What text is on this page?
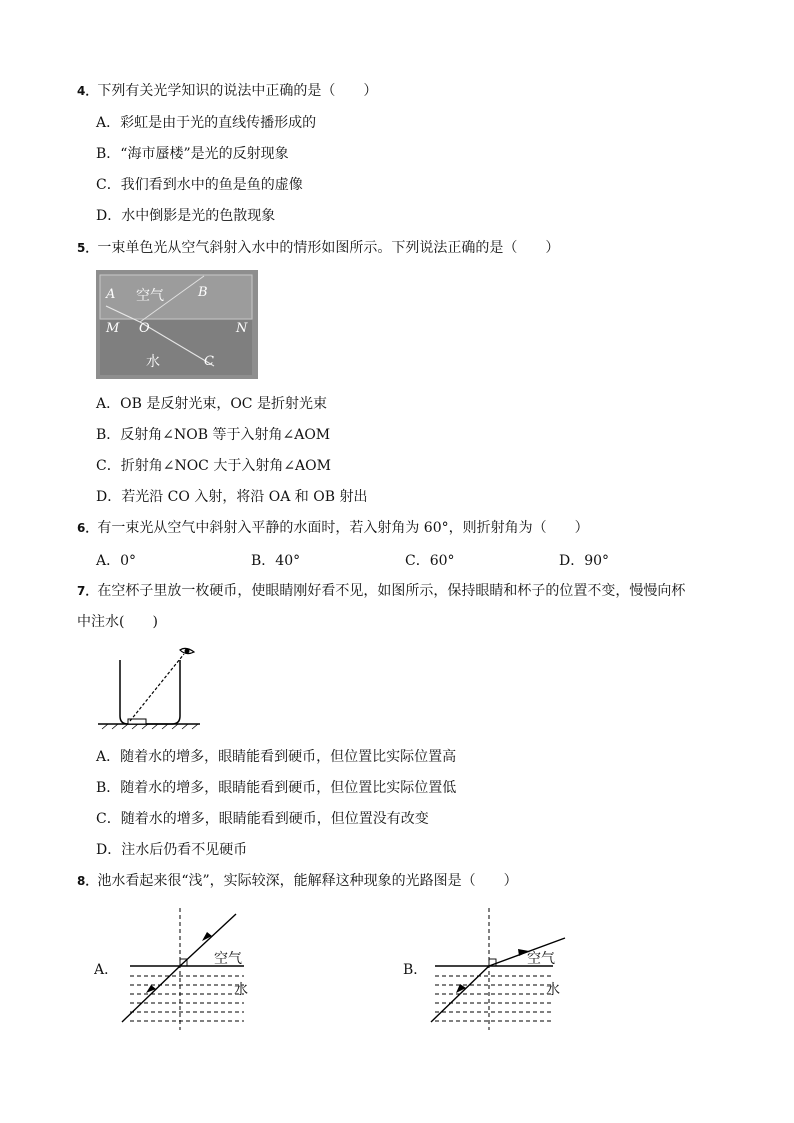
4．下列有关光学知识的说法中正确的是（　　）
A．彩虹是由于光的直线传播形成的
B．“海市蜃楼”是光的反射现象
C．我们看到水中的鱼是鱼的虚像
D．水中倒影是光的色散现象
5．一束单色光从空气斜射入水中的情形如图所示。下列说法正确的是（　　）
A 空气	B
M O	N
水	C
A．OB 是反射光束，OC 是折射光束
B．反射角∠NOB 等于入射角∠AOM
C．折射角∠NOC 大于入射角∠AOM
D．若光沿 CO 入射，将沿 OA 和 OB 射出
6．有一束光从空气中斜射入平静的水面时，若入射角为 60°，则折射角为（　　）
A．0°	B．40°	C．60°	D．90°
7．在空杯子里放一枚硬币，使眼睛刚好看不见，如图所示，保持眼睛和杯子的位置不变，慢慢向杯
中注水(　　)
A．随着水的增多，眼睛能看到硬币，但位置比实际位置高
B．随着水的增多，眼睛能看到硬币，但位置比实际位置低
C．随着水的增多，眼睛能看到硬币，但位置没有改变
D．注水后仍看不见硬币
8．池水看起来很“浅”，实际较深，能解释这种现象的光路图是（　　）
A．
空气
水
B．
空气
水
